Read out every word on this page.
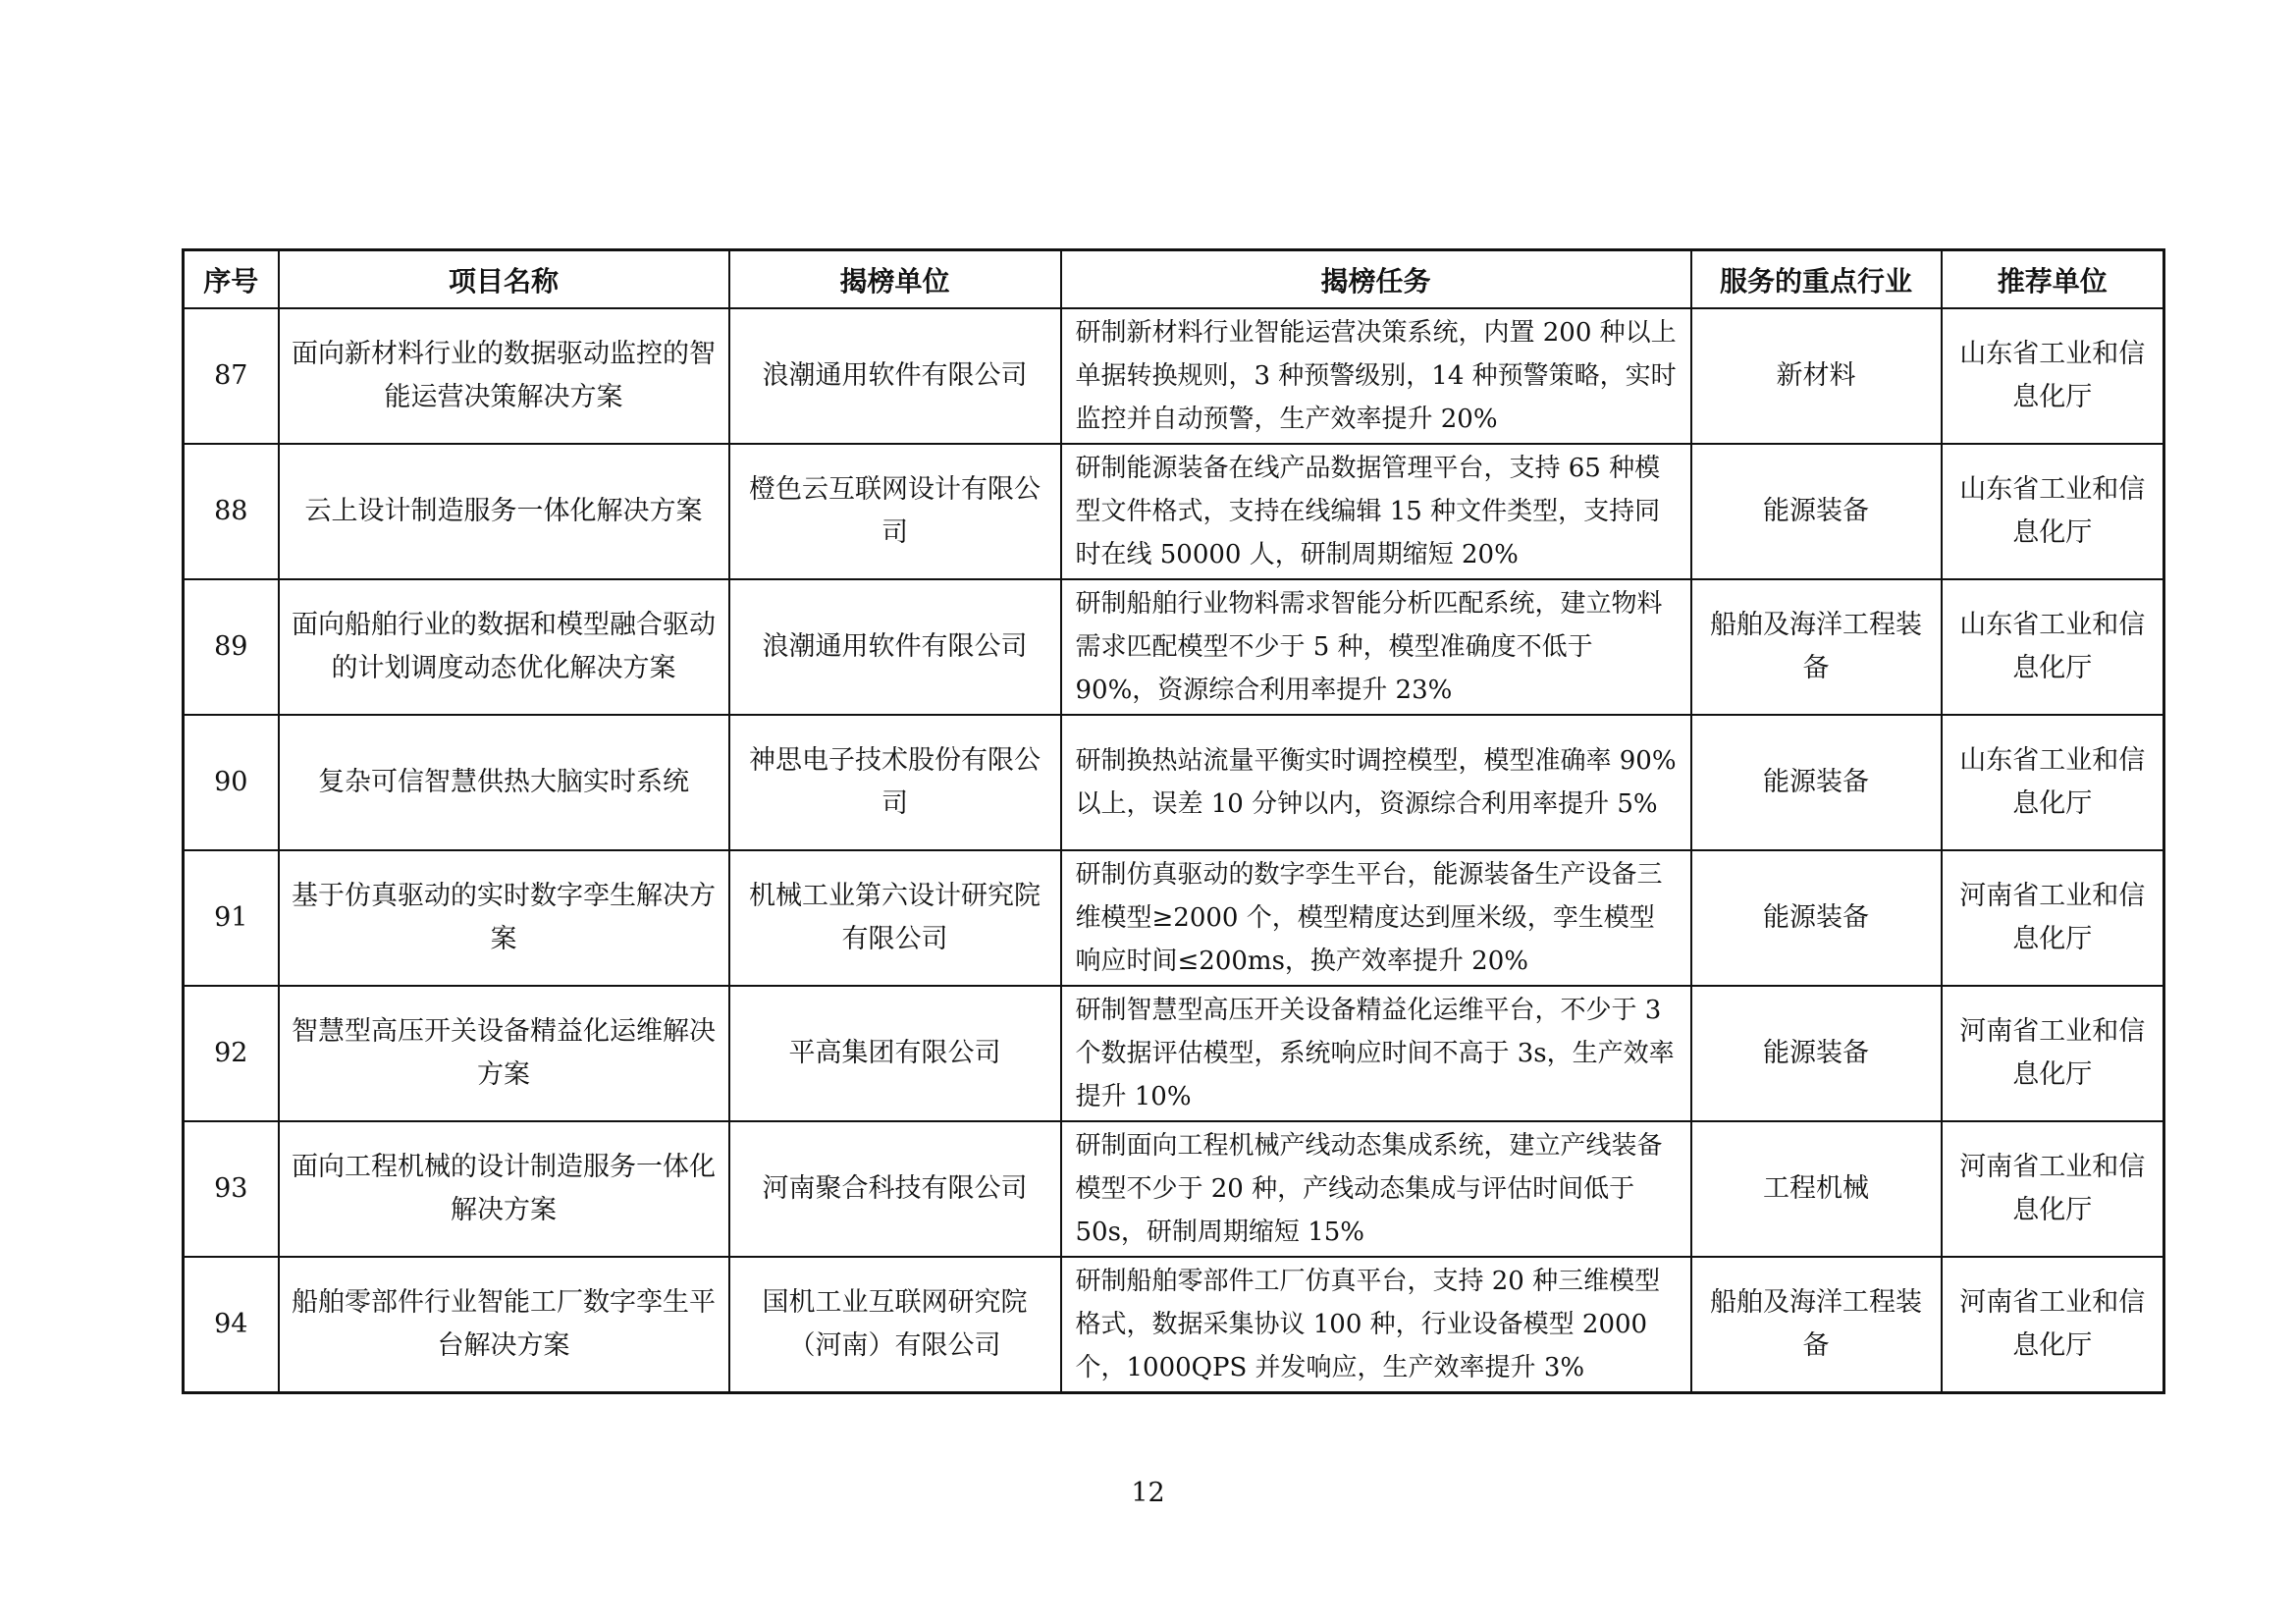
序号	项目名称	揭榜单位	揭榜任务	服务的重点行业	推荐单位
87	面向新材料行业的数据驱动监控的智能运营决策解决方案	浪潮通用软件有限公司	研制新材料行业智能运营决策系统，内置 200 种以上单据转换规则，3 种预警级别，14 种预警策略，实时监控并自动预警，生产效率提升 20%	新材料	山东省工业和信息化厅
88	云上设计制造服务一体化解决方案	橙色云互联网设计有限公司	研制能源装备在线产品数据管理平台，支持 65 种模型文件格式，支持在线编辑 15 种文件类型，支持同时在线 50000 人，研制周期缩短 20%	能源装备	山东省工业和信息化厅
89	面向船舶行业的数据和模型融合驱动的计划调度动态优化解决方案	浪潮通用软件有限公司	研制船舶行业物料需求智能分析匹配系统，建立物料需求匹配模型不少于 5 种，模型准确度不低于 90%，资源综合利用率提升 23%	船舶及海洋工程装备	山东省工业和信息化厅
90	复杂可信智慧供热大脑实时系统	神思电子技术股份有限公司	研制换热站流量平衡实时调控模型，模型准确率 90%以上，误差 10 分钟以内，资源综合利用率提升 5%	能源装备	山东省工业和信息化厅
91	基于仿真驱动的实时数字孪生解决方案	机械工业第六设计研究院有限公司	研制仿真驱动的数字孪生平台，能源装备生产设备三维模型≥2000 个，模型精度达到厘米级，孪生模型响应时间≤200ms，换产效率提升 20%	能源装备	河南省工业和信息化厅
92	智慧型高压开关设备精益化运维解决方案	平高集团有限公司	研制智慧型高压开关设备精益化运维平台，不少于 3 个数据评估模型，系统响应时间不高于 3s，生产效率提升 10%	能源装备	河南省工业和信息化厅
93	面向工程机械的设计制造服务一体化解决方案	河南聚合科技有限公司	研制面向工程机械产线动态集成系统，建立产线装备模型不少于 20 种，产线动态集成与评估时间低于 50s，研制周期缩短 15%	工程机械	河南省工业和信息化厅
94	船舶零部件行业智能工厂数字孪生平台解决方案	国机工业互联网研究院（河南）有限公司	研制船舶零部件工厂仿真平台，支持 20 种三维模型格式，数据采集协议 100 种，行业设备模型 2000 个，1000QPS 并发响应，生产效率提升 3%	船舶及海洋工程装备	河南省工业和信息化厅
12
